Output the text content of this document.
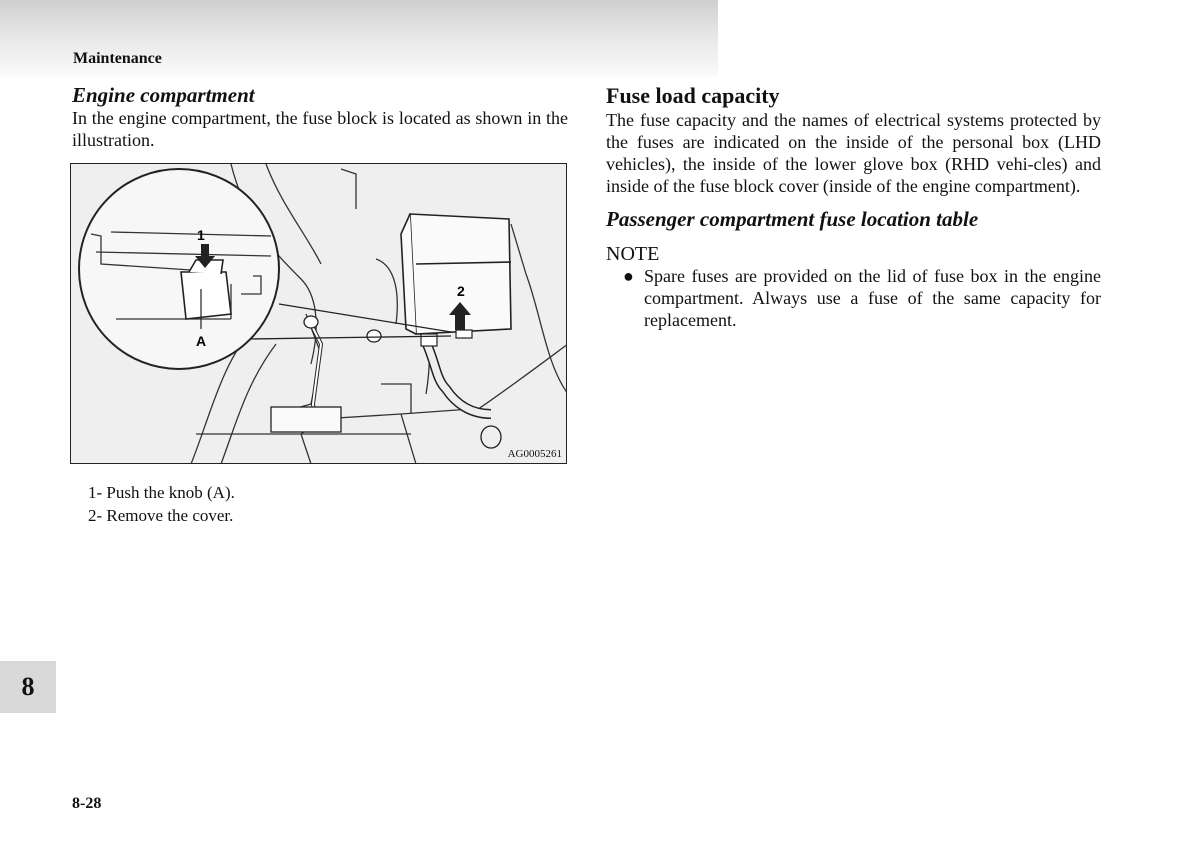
Maintenance

Engine compartment

In the engine compartment, the fuse block is located as shown in the illustration.

2
1
A
AG0005261
1- Push the knob (A).
2- Remove the cover.

Fuse load capacity

The fuse capacity and the names of electrical systems protected by the fuses are indicated on the inside of the personal box (LHD vehicles), the inside of the lower glove box (RHD vehi-cles) and inside of the fuse block cover (inside of the engine compartment).

Passenger compartment fuse location table

NOTE
● Spare fuses are provided on the lid of fuse box in the engine compartment. Always use a fuse of the same capacity for replacement.

8
8-28
